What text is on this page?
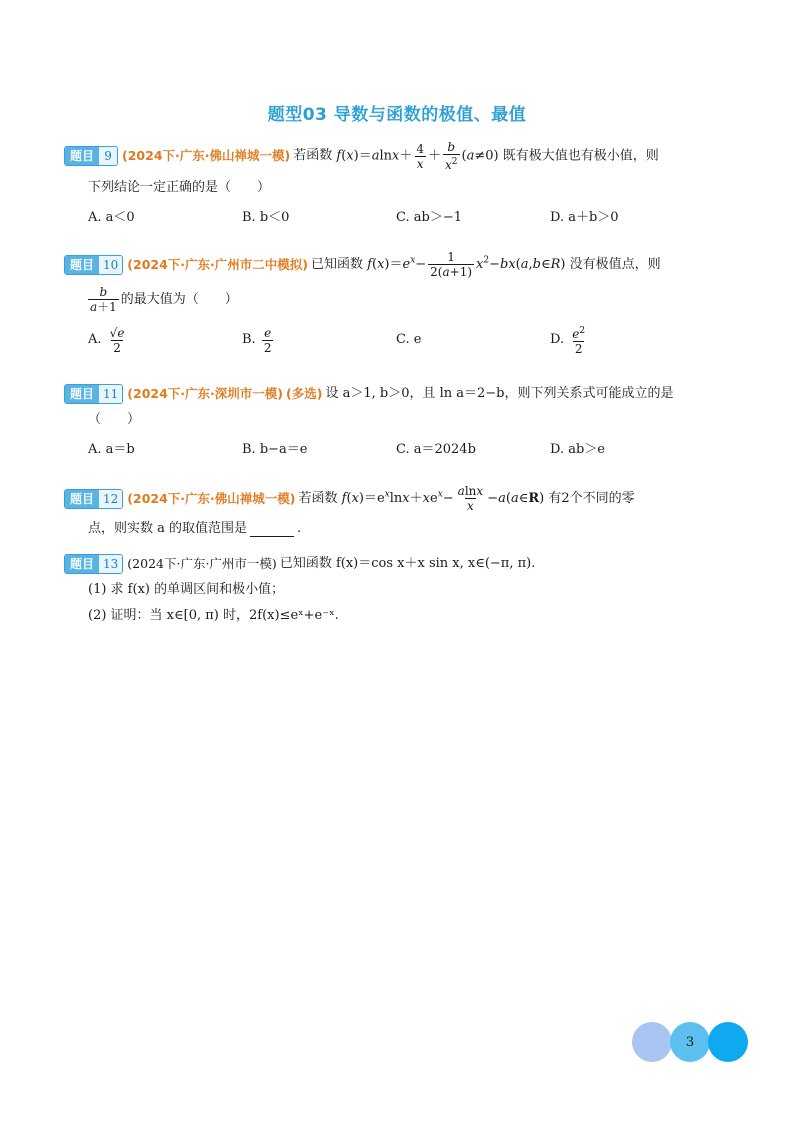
题型03 导数与函数的极值、最值
题目 9 (2024下·广东·佛山禅城一模) 若函数 $f(x)=alnx+ \frac{4}{x} + \frac{b}{x^2} (a\ne 0)$ 既有极大值也有极小值，则
下列结论一定正确的是（　　）
A. a＜0	B. b＜0	C. ab＞−1	D. a＋b＞0
题目 10 (2024下·广东·广州市二中模拟) 已知函数 $f(x)=e^x- \frac{1}{2(a+1)}$ $x^2-bx(a,b\in R)$ 没有极值点，则
$\frac{b}{a+1}$ 的最大值为（　　）
A.
$\frac{√e}{2}$	B.
$\frac{e}{2}$	C. e	D.
$\frac{e^2}{2}$
题目 11 (2024下·广东·深圳市一模) (多选) 设 a＞1, b＞0，且 ln a＝2−b，则下列关系式可能成立的是
（　　）
A. a＝b	B. b−a＝e	C. a＝2024b	D. ab＞e
题目 12 (2024下·广东·佛山禅城一模) 若函数 $f(x)=e^x\ln x+xe^x- \frac{alnx}{x}$ −a(a∈R) 有2个不同的零
点，则实数 a 的取值范围是	.
题目 13 (2024下·广东·广州市一模) 已知函数 f(x)＝cos x＋x sin x, x∈(−π, π).
(1) 求 f(x) 的单调区间和极小值；
(2) 证明：当 x∈[0, π) 时，2f(x)≤eˣ+e⁻ˣ.
3
